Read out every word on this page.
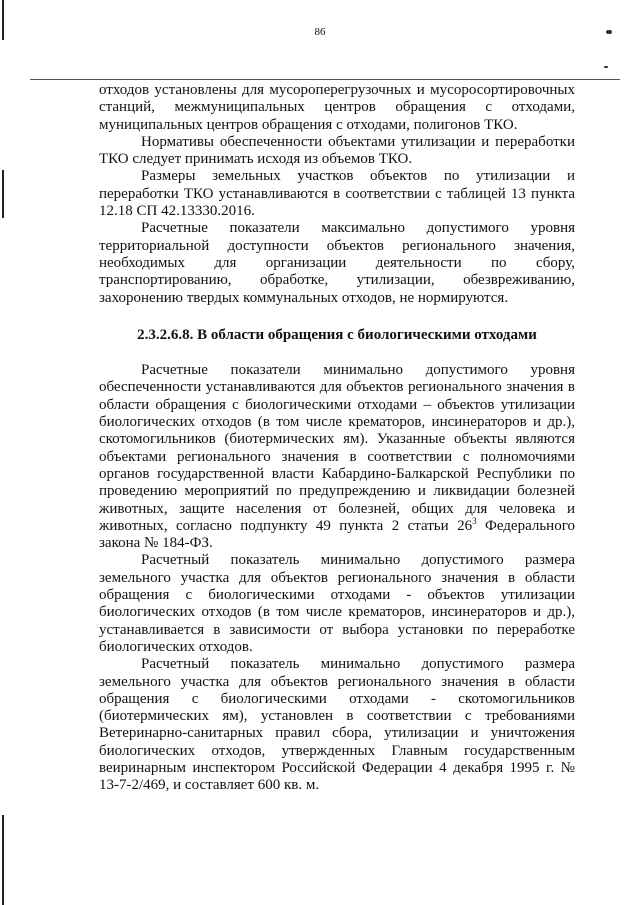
86

отходов установлены для мусороперегрузочных и мусоросортировочных станций, межмуниципальных центров обращения с отходами, муниципальных центров обращения с отходами, полигонов ТКО.

Нормативы обеспеченности объектами утилизации и переработки ТКО следует принимать исходя из объемов ТКО.

Размеры земельных участков объектов по утилизации и переработки ТКО устанавливаются в соответствии с таблицей 13 пункта 12.18 СП 42.13330.2016.

Расчетные показатели максимально допустимого уровня территориальной доступности объектов регионального значения, необходимых для организации деятельности по сбору, транспортированию, обработке, утилизации, обезвреживанию, захоронению твердых коммунальных отходов, не нормируются.

2.3.2.6.8. В области обращения с биологическими отходами

Расчетные показатели минимально допустимого уровня обеспеченности устанавливаются для объектов регионального значения в области обращения с биологическими отходами – объектов утилизации биологических отходов (в том числе крематоров, инсинераторов и др.), скотомогильников (биотермических ям). Указанные объекты являются объектами регионального значения в соответствии с полномочиями органов государственной власти Кабардино-Балкарской Республики по проведению мероприятий по предупреждению и ликвидации болезней животных, защите населения от болезней, общих для человека и животных, согласно подпункту 49 пункта 2 статьи $26^3$ Федерального закона № 184-ФЗ.

Расчетный показатель минимально допустимого размера земельного участка для объектов регионального значения в области обращения с биологическими отходами - объектов утилизации биологических отходов (в том числе крематоров, инсинераторов и др.), устанавливается в зависимости от выбора установки по переработке биологических отходов.

Расчетный показатель минимально допустимого размера земельного участка для объектов регионального значения в области обращения с биологическими отходами - скотомогильников (биотермических ям), установлен в соответствии с требованиями Ветеринарно-санитарных правил сбора, утилизации и уничтожения биологических отходов, утвержденных Главным государственным веиринарным инспектором Российской Федерации 4 декабря 1995 г. № 13-7-2/469, и составляет 600 кв. м.
